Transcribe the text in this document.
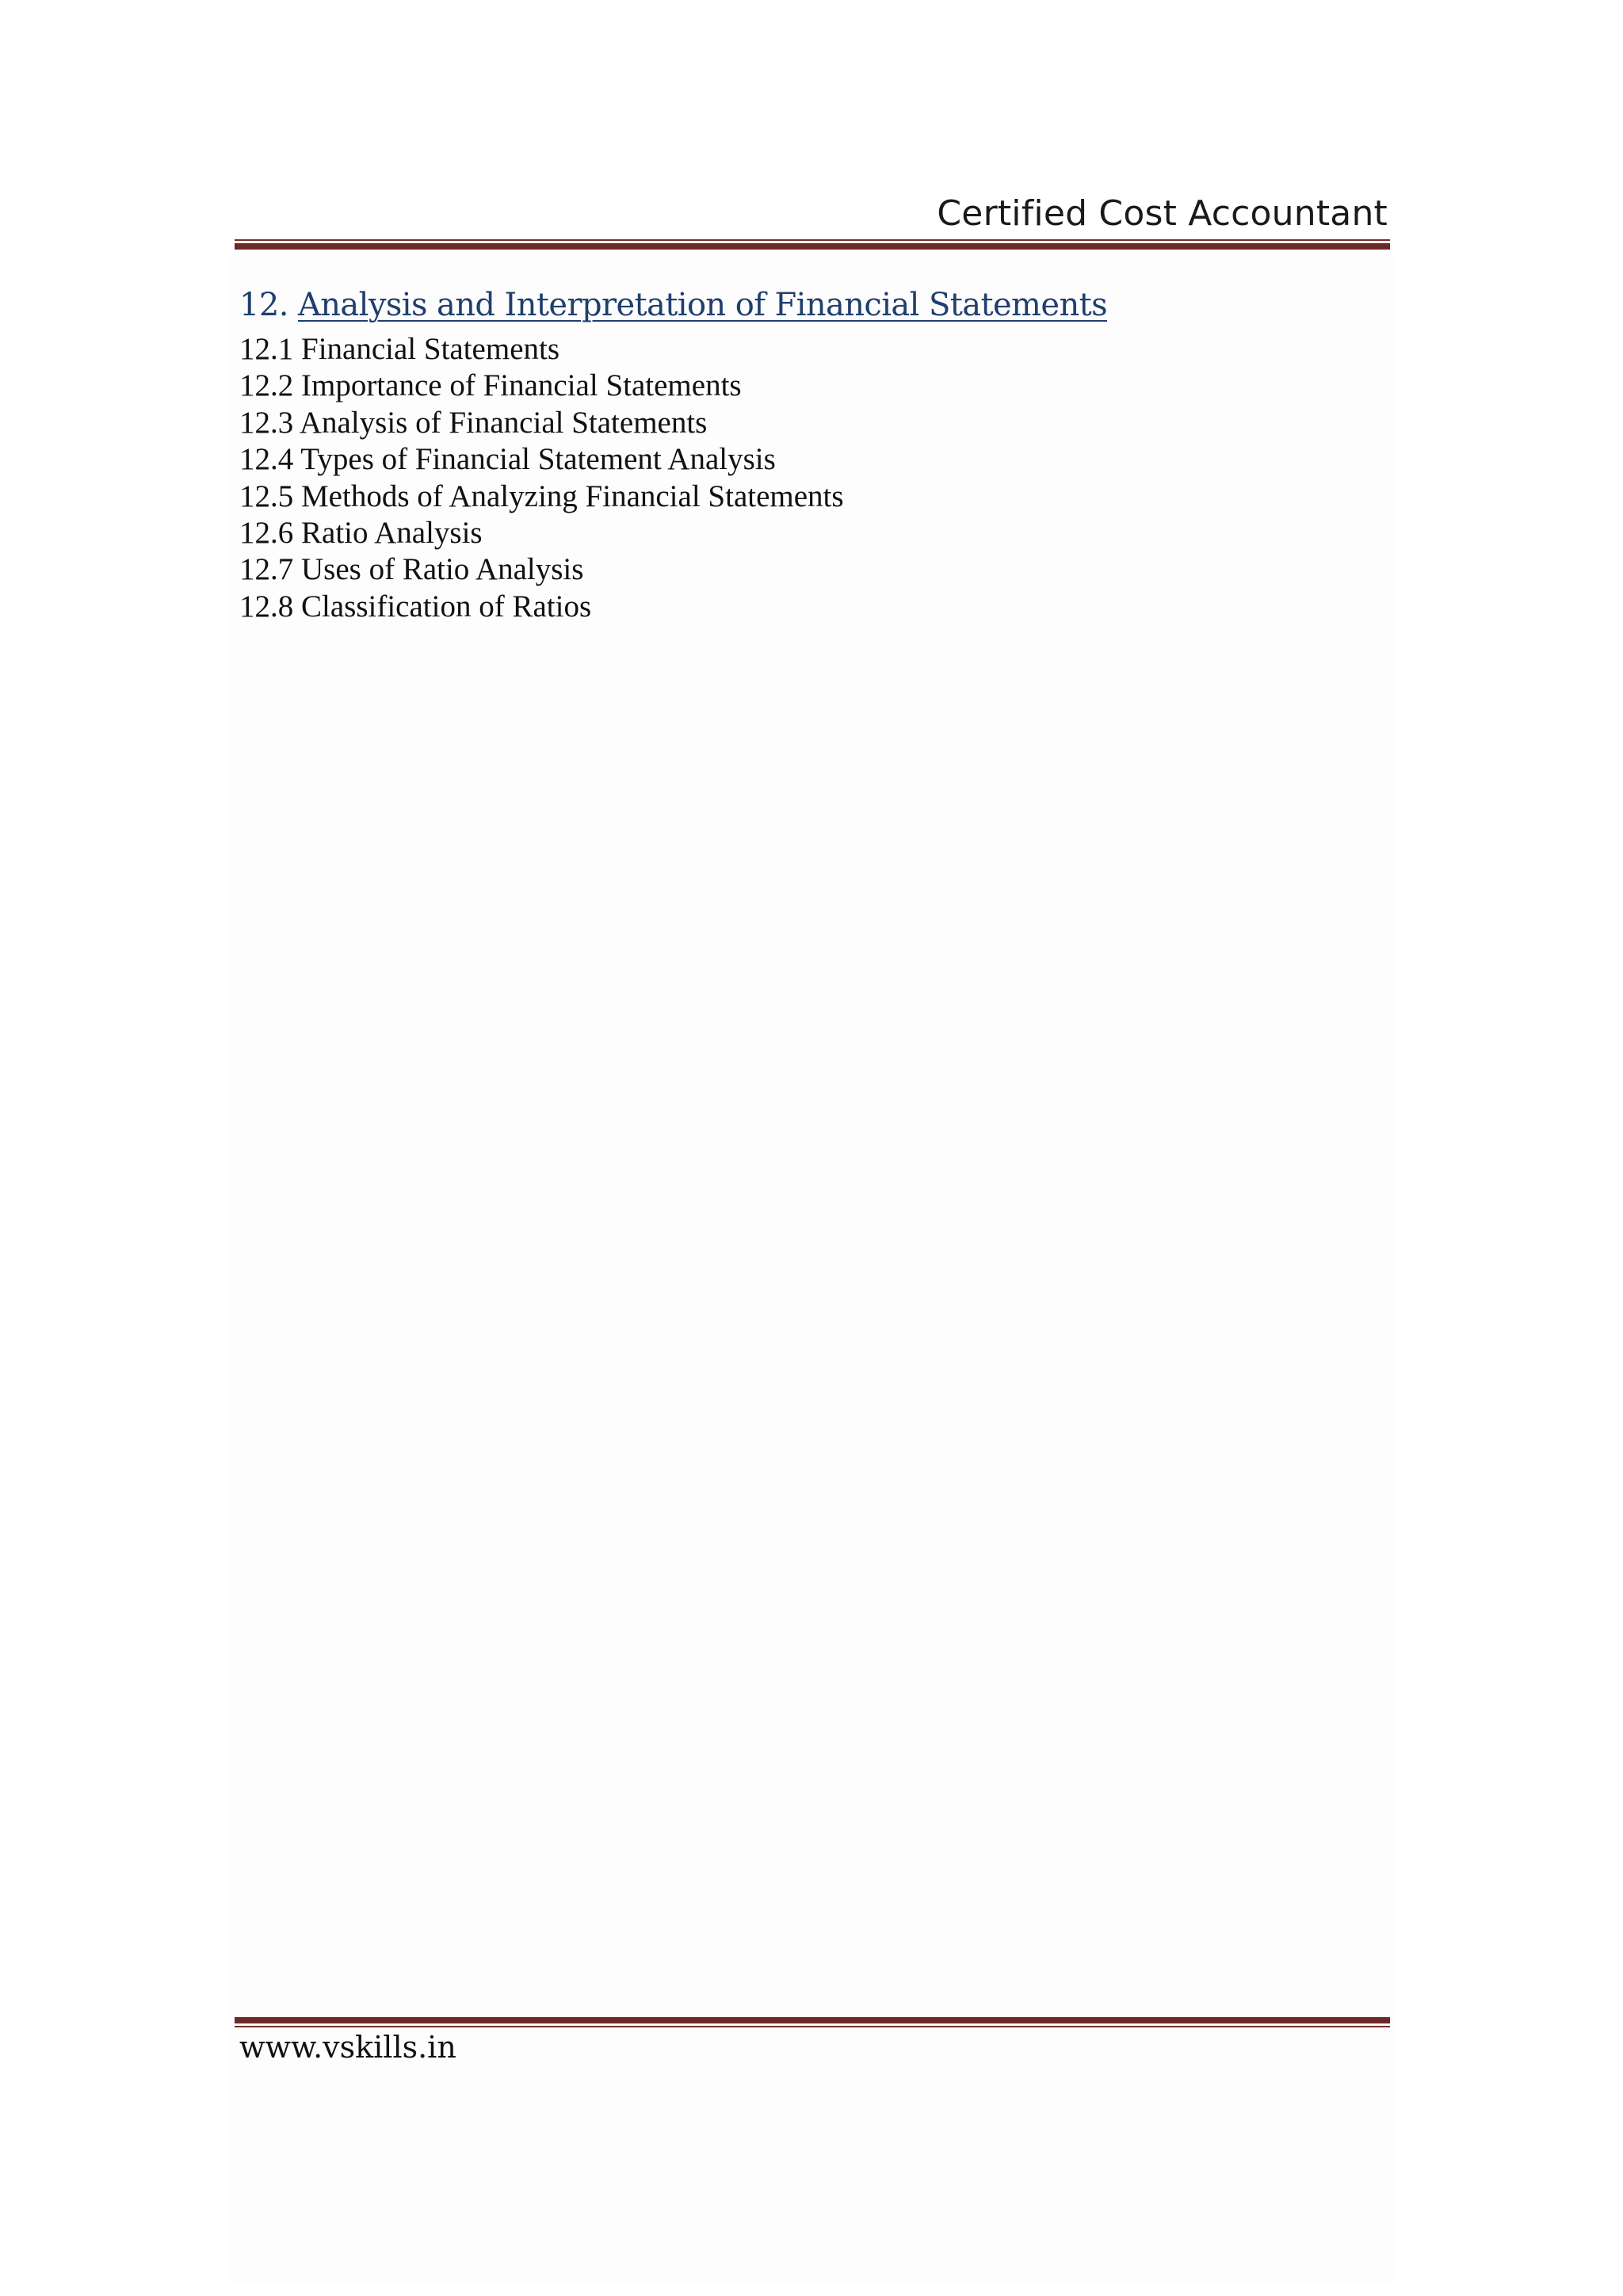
Certified Cost Accountant
12. Analysis and Interpretation of Financial Statements
12.1 Financial Statements
12.2 Importance of Financial Statements
12.3 Analysis of Financial Statements
12.4 Types of Financial Statement Analysis
12.5 Methods of Analyzing Financial Statements
12.6 Ratio Analysis
12.7 Uses of Ratio Analysis
12.8 Classification of Ratios
www.vskills.in
